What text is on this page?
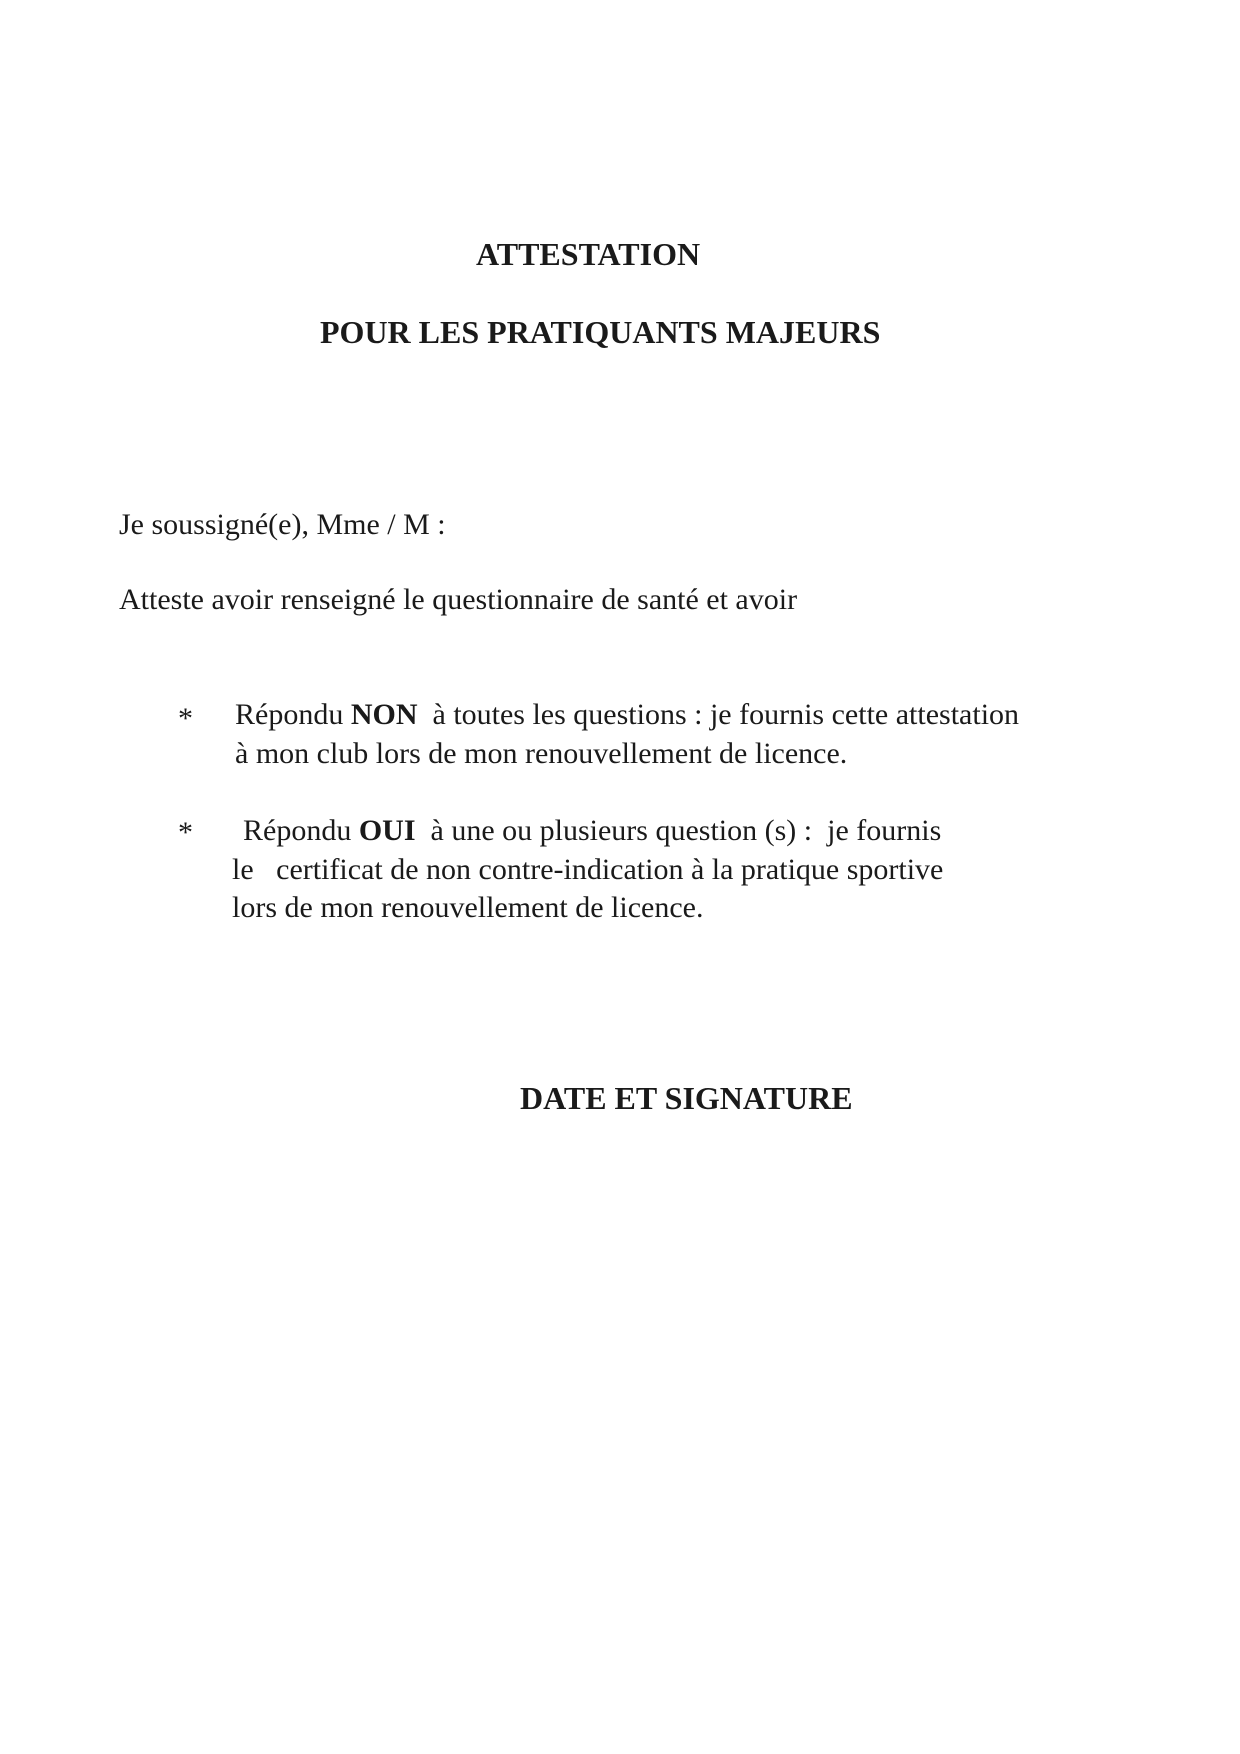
ATTESTATION
POUR LES PRATIQUANTS MAJEURS
Je soussigné(e), Mme / M :
Atteste avoir renseigné le questionnaire de santé et avoir
* Répondu NON  à toutes les questions : je fournis cette attestation
à mon club lors de mon renouvellement de licence.
* Répondu OUI  à une ou plusieurs question (s) :  je fournis
le   certificat de non contre-indication à la pratique sportive
lors de mon renouvellement de licence.
DATE ET SIGNATURE
